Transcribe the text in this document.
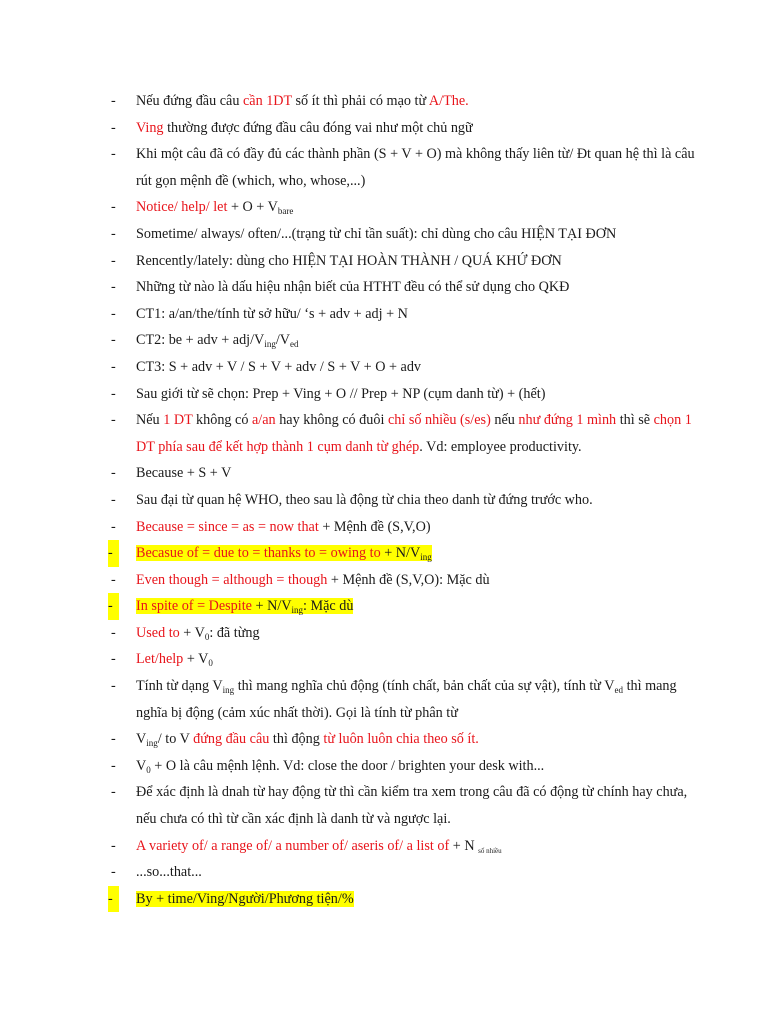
- Nếu đứng đầu câu cần 1DT số ít thì phải có mạo từ A/The.
- Ving thường được đứng đầu câu đóng vai như một chủ ngữ
- Khi một câu đã có đầy đủ các thành phần (S + V + O) mà không thấy liên từ/ Đt quan hệ thì là câu rút gọn mệnh đề (which, who, whose,...)
- Notice/ help/ let + $O + V_{bare}$
- Sometime/ always/ often/...(trạng từ chỉ tần suất): chỉ dùng cho câu HIỆN TẠI ĐƠN
- Rencently/lately: dùng cho HIỆN TẠI HOÀN THÀNH / QUÁ KHỨ ĐƠN
- Những từ nào là dấu hiệu nhận biết của HTHT đều có thể sử dụng cho QKĐ
- CT1: a/an/the/tính từ sở hữu/ ‘s + adv + adj + N
- CT2: be + adv + adj/$V_{ing}/V_{ed}$
- CT3: S + adv + V / S + V + adv / S + V + O + adv
- Sau giới từ sẽ chọn: Prep + Ving + O // Prep + NP (cụm danh từ) + (hết)
- Nếu 1 DT không có a/an hay không có đuôi chỉ số nhiều (s/es) nếu như đứng 1 mình thì sẽ chọn 1 DT phía sau để kết hợp thành 1 cụm danh từ ghép. Vd: employee productivity.
- Because + S + V
- Sau đại từ quan hệ WHO, theo sau là động từ chia theo danh từ đứng trước who.
- Because = since = as = now that + Mệnh đề (S,V,O)
-	Becasue of = due to = thanks to = owing to + $N/V_{ing}$
- Even though = although = though + Mệnh đề (S,V,O): Mặc dù
-	In spite of = Despite + $N/V_{ing}$: Mặc dù
- Used to + $V_0$: đã từng
- Let/help + $V_0$
- Tính từ dạng $V_{ing}$ thì mang nghĩa chủ động (tính chất, bản chất của sự vật), tính từ $V_{ed}$ thì mang nghĩa bị động (cảm xúc nhất thời). Gọi là tính từ phân từ
- $V_{ing}/$ to V đứng đầu câu thì động từ luôn luôn chia theo số ít.
- $V_0 + O$ là câu mệnh lệnh. Vd: close the door / brighten your desk with...
- Để xác định là dnah từ hay động từ thì cần kiểm tra xem trong câu đã có động từ chính hay chưa, nếu chưa có thì từ cần xác định là danh từ và ngược lại.
- A variety of/ a range of/ a number of/ aseris of/ a list of + N $_{số nhiều}$
- ...so...that...
-	By + time/Ving/Người/Phương tiện/%
